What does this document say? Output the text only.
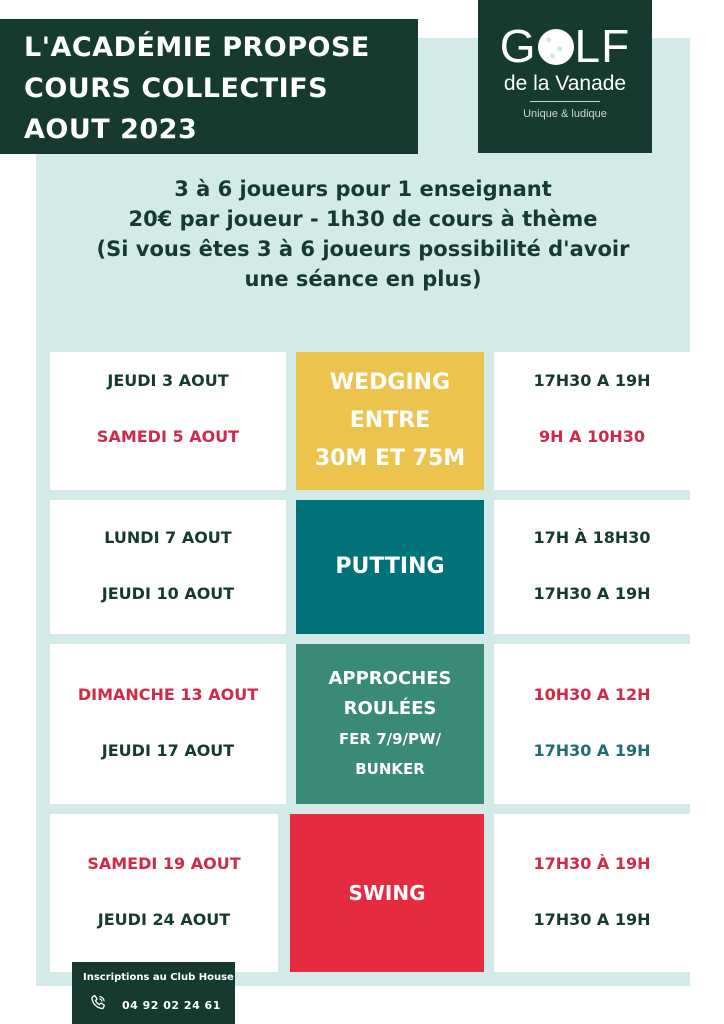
L'ACADÉMIE PROPOSE
COURS COLLECTIFS
AOUT 2023
G LF
de la Vanade
Unique & ludique
3 à 6 joueurs pour 1 enseignant
20€ par joueur - 1h30 de cours à thème
(Si vous êtes 3 à 6 joueurs possibilité d'avoir
une séance en plus)
JEUDI 3 AOUT
SAMEDI 5 AOUT
WEDGING
ENTRE
30M ET 75M
17H30 A 19H
9H A 10H30
LUNDI 7 AOUT
JEUDI 10 AOUT
PUTTING
17H À 18H30
17H30 A 19H
DIMANCHE 13 AOUT
JEUDI 17 AOUT
APPROCHES
ROULÉES
FER 7/9/PW/
BUNKER
10H30 A 12H
17H30 A 19H
SAMEDI 19 AOUT
JEUDI 24 AOUT
SWING
17H30 À 19H
17H30 A 19H
Inscriptions au Club House
04 92 02 24 61
